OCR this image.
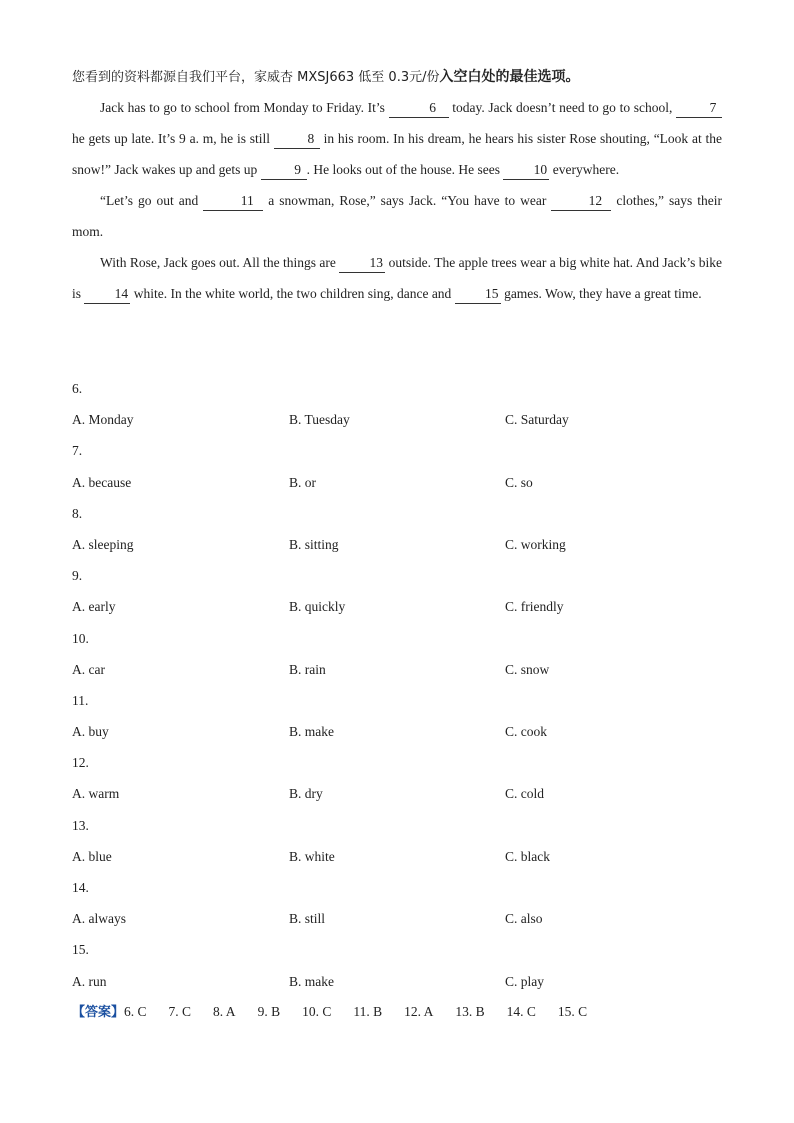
您看到的资料都源自我们平台，家威杏 MXSJ663 低至 0.3元/份入空白处的最佳选项。

Jack has to go to school from Monday to Friday. It’s	6 today. Jack doesn’t need to go to school, 7 he gets up late. It’s 9 a. m, he is still 8 in his room. In his dream, he hears his sister Rose shouting, “Look at the snow!” Jack wakes up and gets up 9 . He looks out of the house. He sees 10 everywhere.

“Let’s go out and	11 a snowman, Rose,” says Jack. “You have to wear	12 clothes,” says their mom.

With Rose, Jack goes out. All the things are 13 outside. The apple trees wear a big white hat. And Jack’s bike is 14 white. In the white world, the two children sing, dance and 15 games. Wow, they have a great time.

6.
A. Monday	B. Tuesday	C. Saturday
7.
A. because	B. or	C. so
8.
A. sleeping	B. sitting	C. working
9.
A. early	B. quickly	C. friendly
10.
A. car	B. rain	C. snow
11.
A. buy	B. make	C. cook
12.
A. warm	B. dry	C. cold
13.
A. blue	B. white	C. black
14.
A. always	B. still	C. also
15.
A. run	B. make	C. play
【答案】6. C 7. C 8. A 9. B 10. C 11. B 12. A 13. B 14. C 15. C
